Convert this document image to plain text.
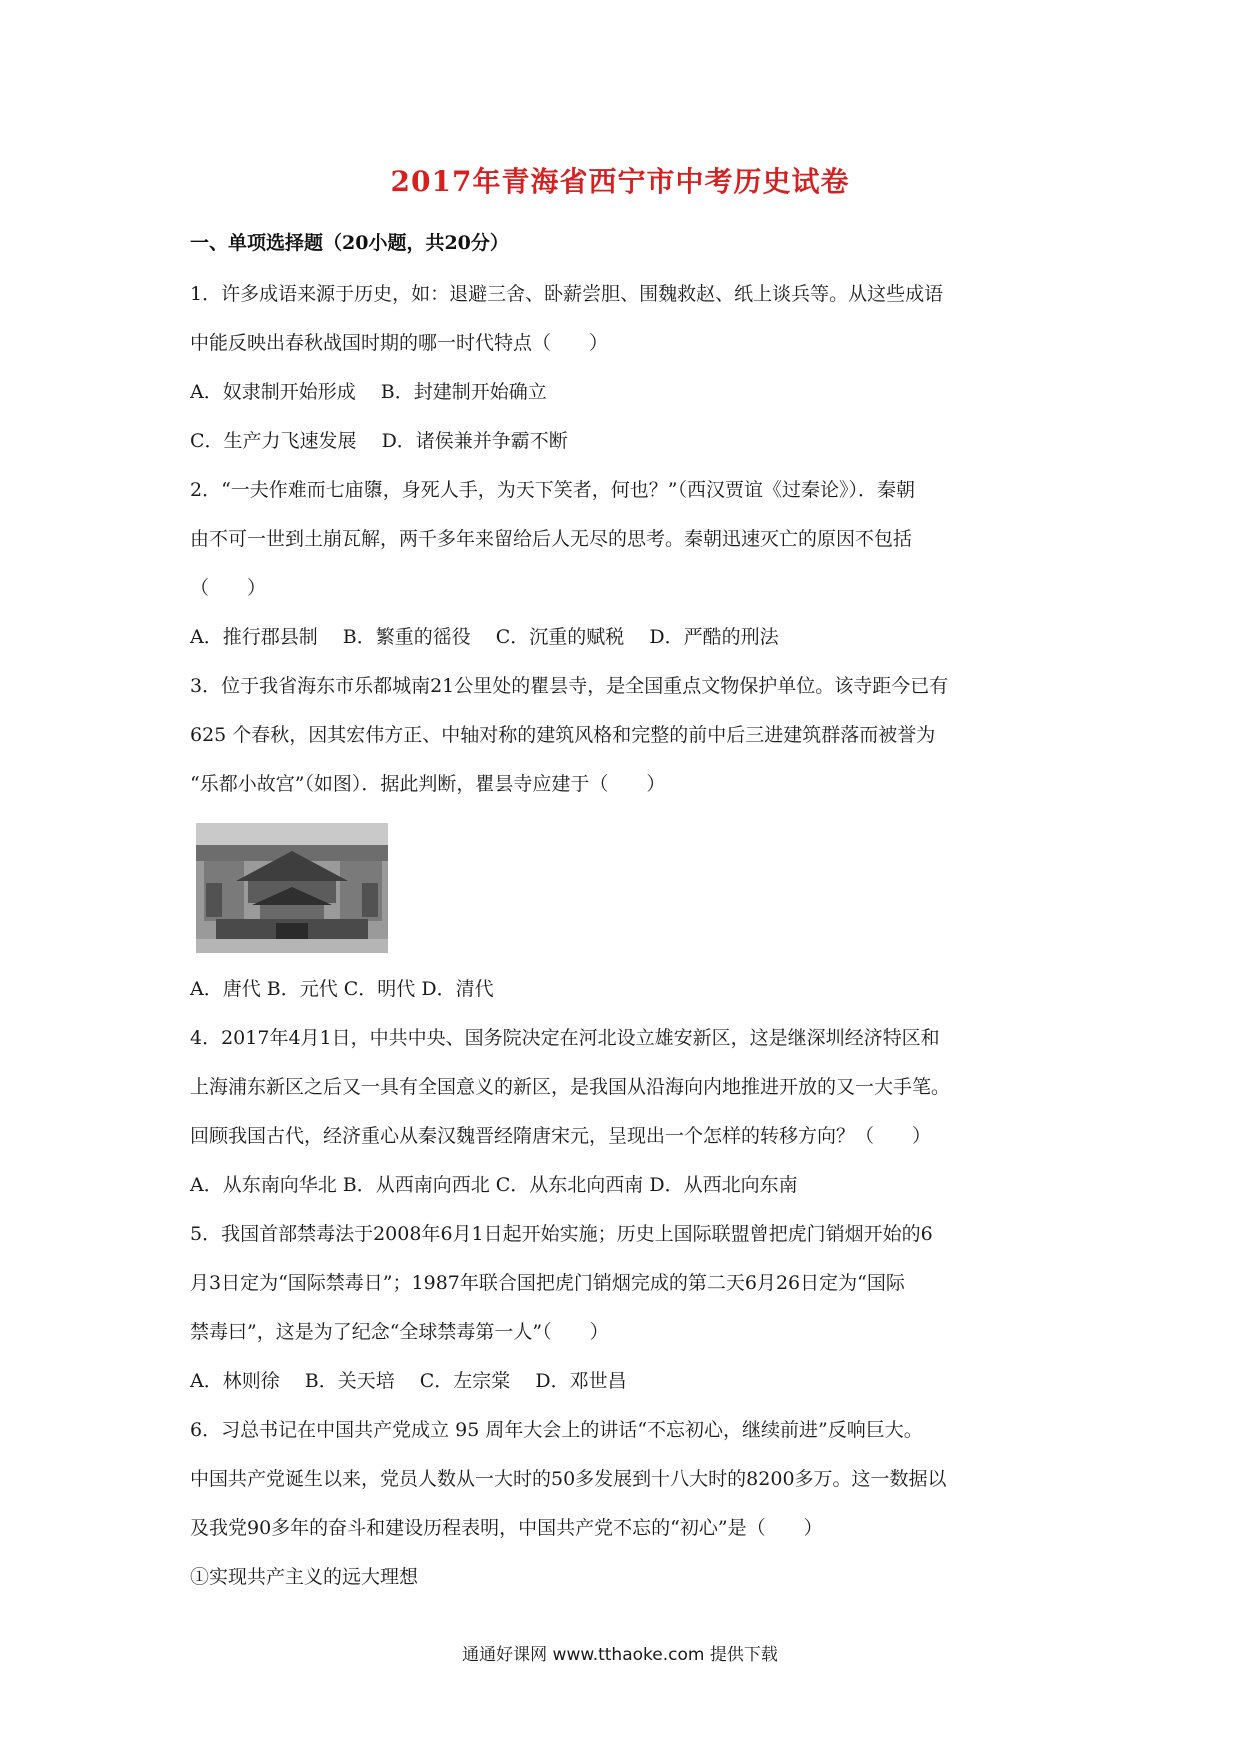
2017年青海省西宁市中考历史试卷
一、单项选择题（20小题，共20分）
1．许多成语来源于历史，如：退避三舍、卧薪尝胆、围魏救赵、纸上谈兵等。从这些成语
中能反映出春秋战国时期的哪一时代特点（　　）
A．奴隶制开始形成　 B．封建制开始确立
C．生产力飞速发展　 D．诸侯兼并争霸不断
2．“一夫作难而七庙隳，身死人手，为天下笑者，何也？”（西汉贾谊《过秦论》）．秦朝
由不可一世到土崩瓦解，两千多年来留给后人无尽的思考。秦朝迅速灭亡的原因不包括
（　　）
A．推行郡县制　 B．繁重的徭役　 C．沉重的赋税　 D．严酷的刑法
3．位于我省海东市乐都城南21公里处的瞿昙寺，是全国重点文物保护单位。该寺距今已有
625 个春秋，因其宏伟方正、中轴对称的建筑风格和完整的前中后三进建筑群落而被誉为
“乐都小故宫”（如图）．据此判断，瞿昙寺应建于（　　）
A．唐代 B．元代 C．明代 D．清代
4．2017年4月1日，中共中央、国务院决定在河北设立雄安新区，这是继深圳经济特区和
上海浦东新区之后又一具有全国意义的新区，是我国从沿海向内地推进开放的又一大手笔。
回顾我国古代，经济重心从秦汉魏晋经隋唐宋元，呈现出一个怎样的转移方向？（　　）
A．从东南向华北 B．从西南向西北 C．从东北向西南 D．从西北向东南
5．我国首部禁毒法于2008年6月1日起开始实施；历史上国际联盟曾把虎门销烟开始的6
月3日定为“国际禁毒日”；1987年联合国把虎门销烟完成的第二天6月26日定为“国际
禁毒曰”，这是为了纪念“全球禁毒第一人”（　　）
A．林则徐　 B．关天培　 C．左宗棠　 D．邓世昌
6．习总书记在中国共产党成立 95 周年大会上的讲话“不忘初心，继续前进”反响巨大。
中国共产党诞生以来，党员人数从一大时的50多发展到十八大时的8200多万。这一数据以
及我党90多年的奋斗和建设历程表明，中国共产党不忘的“初心”是（　　）
①实现共产主义的远大理想
通通好课网 www.tthaoke.com 提供下载
